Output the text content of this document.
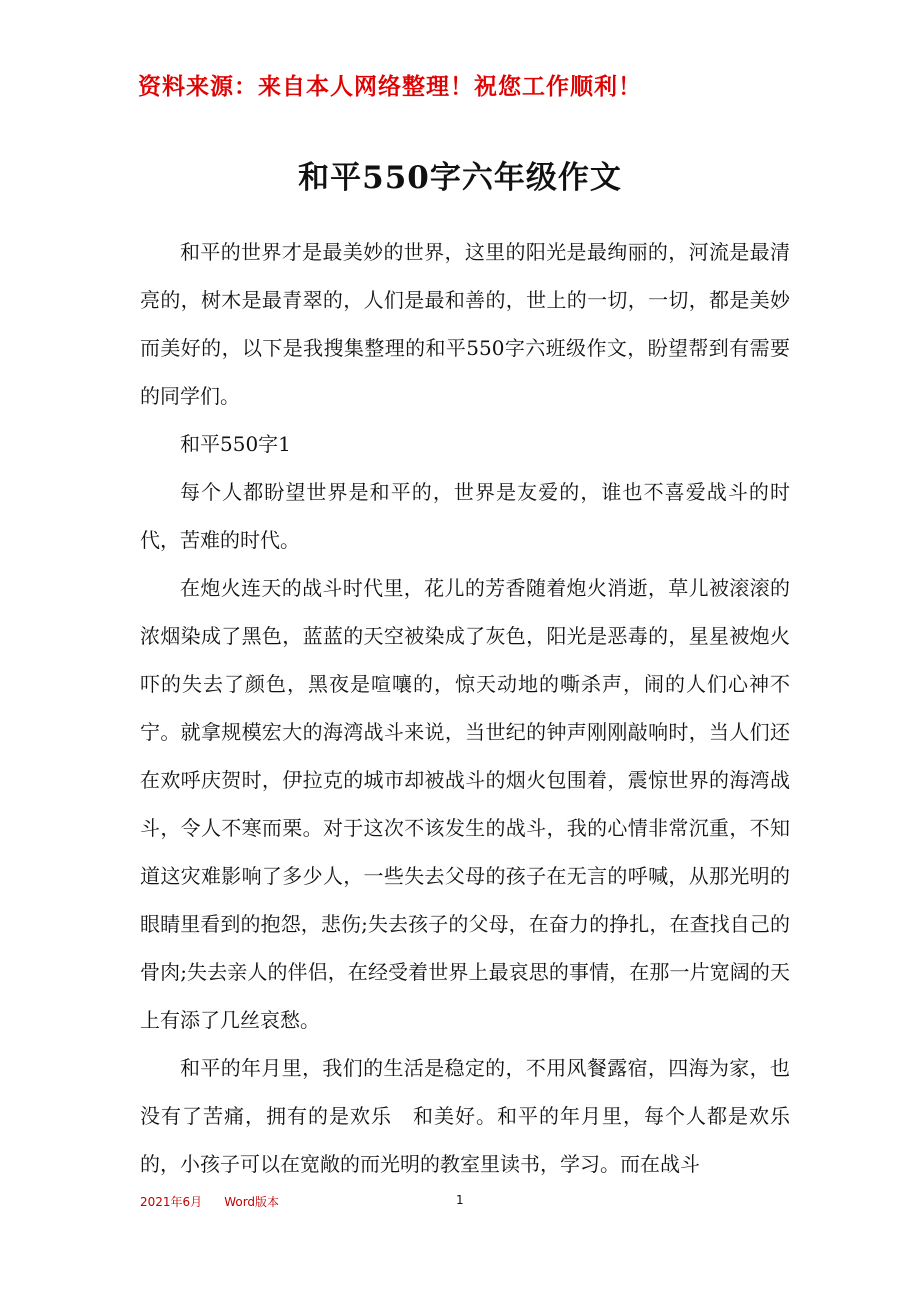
资料来源：来自本人网络整理！祝您工作顺利！
和平550字六年级作文

和平的世界才是最美妙的世界，这里的阳光是最绚丽的，河流是最清亮的，树木是最青翠的，人们是最和善的，世上的一切，一切，都是美妙而美好的，以下是我搜集整理的和平550字六班级作文，盼望帮到有需要的同学们。

和平550字1

每个人都盼望世界是和平的，世界是友爱的，谁也不喜爱战斗的时代，苦难的时代。

在炮火连天的战斗时代里，花儿的芳香随着炮火消逝，草儿被滚滚的浓烟染成了黑色，蓝蓝的天空被染成了灰色，阳光是恶毒的，星星被炮火吓的失去了颜色，黑夜是喧嚷的，惊天动地的嘶杀声，闹的人们心神不宁。就拿规模宏大的海湾战斗来说，当世纪的钟声刚刚敲响时，当人们还在欢呼庆贺时，伊拉克的城市却被战斗的烟火包围着，震惊世界的海湾战斗，令人不寒而栗。对于这次不该发生的战斗，我的心情非常沉重，不知道这灾难影响了多少人，一些失去父母的孩子在无言的呼喊，从那光明的眼睛里看到的抱怨，悲伤;失去孩子的父母，在奋力的挣扎，在查找自己的骨肉;失去亲人的伴侣，在经受着世界上最哀思的事情，在那一片宽阔的天上有添了几丝哀愁。

和平的年月里，我们的生活是稳定的，不用风餐露宿，四海为家，也没有了苦痛，拥有的是欢乐　和美好。和平的年月里，每个人都是欢乐的，小孩子可以在宽敞的而光明的教室里读书，学习。而在战斗

2021年6月 Word版本	1
